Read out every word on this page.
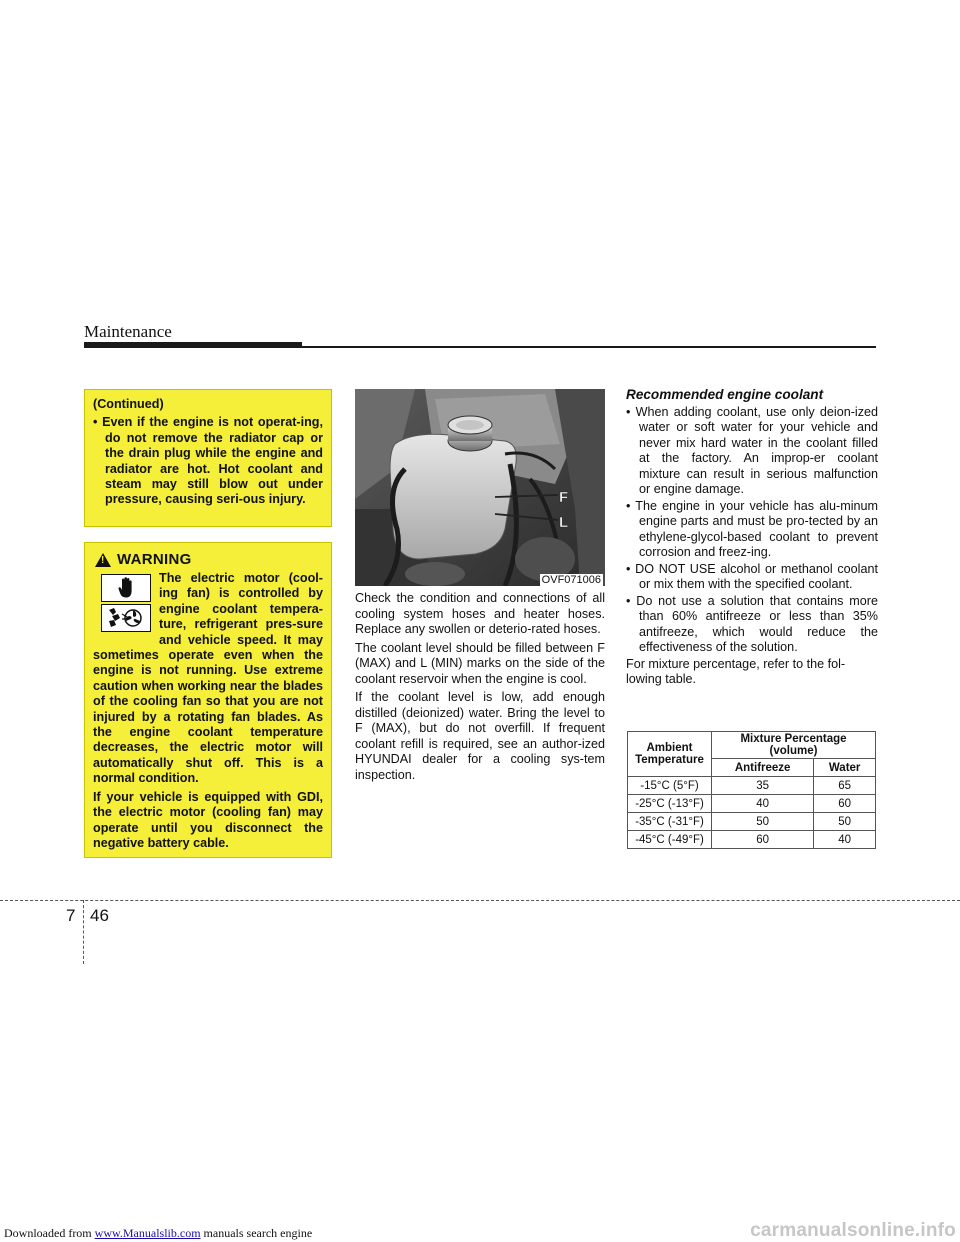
Maintenance
(Continued)
• Even if the engine is not operat-ing, do not remove the radiator cap or the drain plug while the engine and radiator are hot. Hot coolant and steam may still blow out under pressure, causing seri-ous injury.
! WARNING

The electric motor (cool-ing fan) is controlled by engine coolant tempera-ture, refrigerant pres-sure and vehicle speed. It may sometimes operate even when the engine is not running. Use extreme caution when working near the blades of the cooling fan so that you are not injured by a rotating fan blades. As the engine coolant temperature decreases, the electric motor will automatically shut off. This is a normal condition.

If your vehicle is equipped with GDI, the electric motor (cooling fan) may operate until you disconnect the negative battery cable.

F
L
OVF071006

Check the condition and connections of all cooling system hoses and heater hoses. Replace any swollen or deterio-rated hoses.

The coolant level should be filled between F (MAX) and L (MIN) marks on the side of the coolant reservoir when the engine is cool.

If the coolant level is low, add enough distilled (deionized) water. Bring the level to F (MAX), but do not overfill. If frequent coolant refill is required, see an author-ized HYUNDAI dealer for a cooling sys-tem inspection.

Recommended engine coolant
• When adding coolant, use only deion-ized water or soft water for your vehicle and never mix hard water in the coolant filled at the factory. An improp-er coolant mixture can result in serious malfunction or engine damage.
• The engine in your vehicle has alu-minum engine parts and must be pro-tected by an ethylene-glycol-based coolant to prevent corrosion and freez-ing.
• DO NOT USE alcohol or methanol coolant or mix them with the specified coolant.
• Do not use a solution that contains more than 60% antifreeze or less than 35% antifreeze, which would reduce the effectiveness of the solution.
For mixture percentage, refer to the fol-lowing table.
Ambient
Temperature	Mixture Percentage
(volume)	
	Antifreeze	Water
-15°C (5°F)	35	65
-25°C (-13°F)	40	60
-35°C (-31°F)	50	50
-45°C (-49°F)	60	40
7 46
Downloaded from www.Manualslib.com manuals search engine	carmanualsonline.info
